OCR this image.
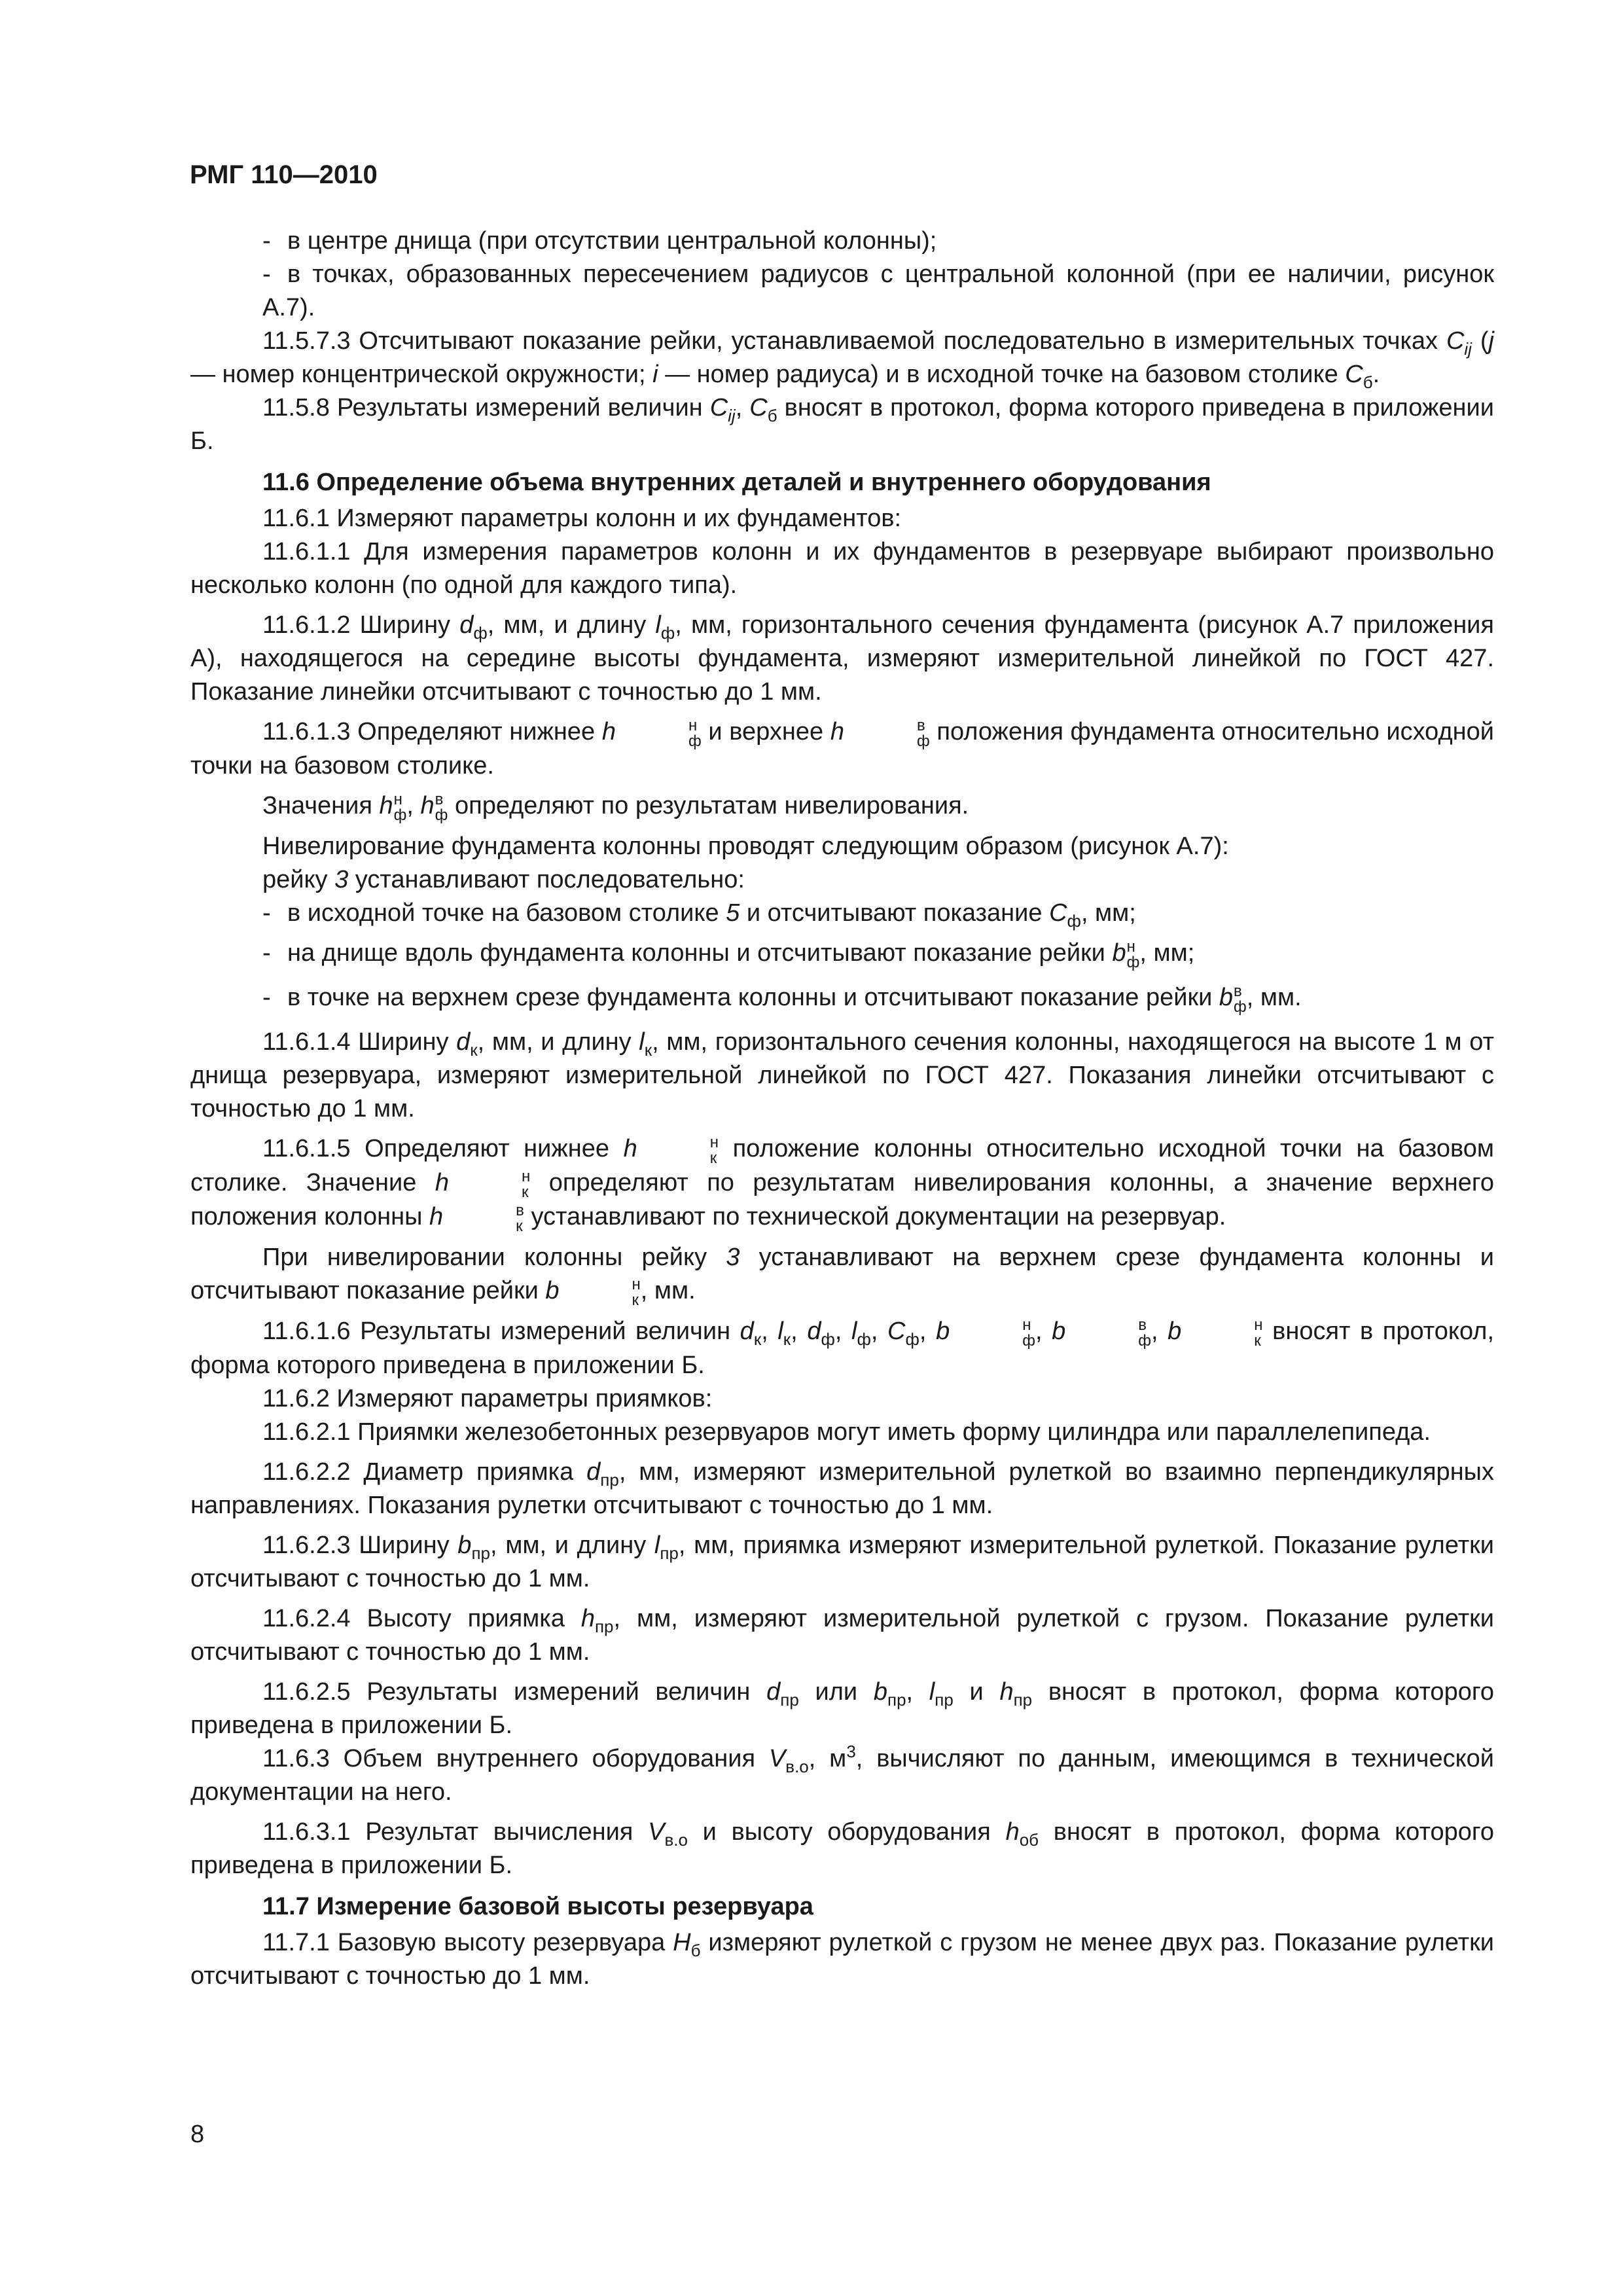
РМГ 110—2010

- в центре днища (при отсутствии центральной колонны);

- в точках, образованных пересечением радиусов с центральной колонной (при ее наличии, рисунок А.7).

11.5.7.3 Отсчитывают показание рейки, устанавливаемой последовательно в измерительных точках $C_{ij}$ (j — номер концентрической окружности; i — номер радиуса) и в исходной точке на базовом столике $C_б$.

11.5.8 Результаты измерений величин $C_{ij}$, $C_б$ вносят в протокол, форма которого приведена в приложении Б.

11.6 Определение объема внутренних деталей и внутреннего оборудования

11.6.1 Измеряют параметры колонн и их фундаментов:

11.6.1.1 Для измерения параметров колонн и их фундаментов в резервуаре выбирают произвольно несколько колонн (по одной для каждого типа).

11.6.1.2 Ширину $d_ф$, мм, и длину $l_ф$, мм, горизонтального сечения фундамента (рисунок А.7 приложения А), находящегося на середине высоты фундамента, измеряют измерительной линейкой по ГОСТ 427. Показание линейки отсчитывают с точностью до 1 мм.

11.6.1.3 Определяют нижнее h	н
ф и верхнее h	в
ф положения фундамента относительно исходной точки на базовом столике.

Значения h н
ф , h в
ф определяют по результатам нивелирования.

Нивелирование фундамента колонны проводят следующим образом (рисунок А.7):

рейку 3 устанавливают последовательно:

- в исходной точке на базовом столике 5 и отсчитывают показание $C_ф$, мм;

- на днище вдоль фундамента колонны и отсчитывают показание рейки b н
ф , мм;

- в точке на верхнем срезе фундамента колонны и отсчитывают показание рейки b в
ф , мм.

11.6.1.4 Ширину $d_к$, мм, и длину $l_к$, мм, горизонтального сечения колонны, находящегося на высоте 1 м от днища резервуара, измеряют измерительной линейкой по ГОСТ 427. Показания линейки отсчитывают с точностью до 1 мм.

11.6.1.5 Определяют нижнее h	н
к положение колонны относительно исходной точки на базовом столике. Значение h	н
к определяют по результатам нивелирования колонны, а значение верхнего положения колонны h	в
к устанавливают по технической документации на резервуар.

При нивелировании колонны рейку 3 устанавливают на верхнем срезе фундамента колонны и отсчитывают показание рейки b	н
к , мм.

11.6.1.6 Результаты измерений величин $d_к$, $l_к$, $d_ф$, $l_ф$, $C_ф$, b	н
ф , b	в
ф , b	н
к вносят в протокол, форма которого приведена в приложении Б.

11.6.2 Измеряют параметры приямков:

11.6.2.1 Приямки железобетонных резервуаров могут иметь форму цилиндра или параллелепипеда.

11.6.2.2 Диаметр приямка $d_{пр}$, мм, измеряют измерительной рулеткой во взаимно перпендикулярных направлениях. Показания рулетки отсчитывают с точностью до 1 мм.

11.6.2.3 Ширину $b_{пр}$, мм, и длину $l_{пр}$, мм, приямка измеряют измерительной рулеткой. Показание рулетки отсчитывают с точностью до 1 мм.

11.6.2.4 Высоту приямка $h_{пр}$, мм, измеряют измерительной рулеткой с грузом. Показание рулетки отсчитывают с точностью до 1 мм.

11.6.2.5 Результаты измерений величин $d_{пр}$ или $b_{пр}$, $l_{пр}$ и $h_{пр}$ вносят в протокол, форма которого приведена в приложении Б.

11.6.3 Объем внутреннего оборудования $V_{в.о}$, $м^3$, вычисляют по данным, имеющимся в технической документации на него.

11.6.3.1 Результат вычисления $V_{в.о}$ и высоту оборудования $h_{об}$ вносят в протокол, форма которого приведена в приложении Б.

11.7 Измерение базовой высоты резервуара

11.7.1 Базовую высоту резервуара $H_б$ измеряют рулеткой с грузом не менее двух раз. Показание рулетки отсчитывают с точностью до 1 мм.

8
